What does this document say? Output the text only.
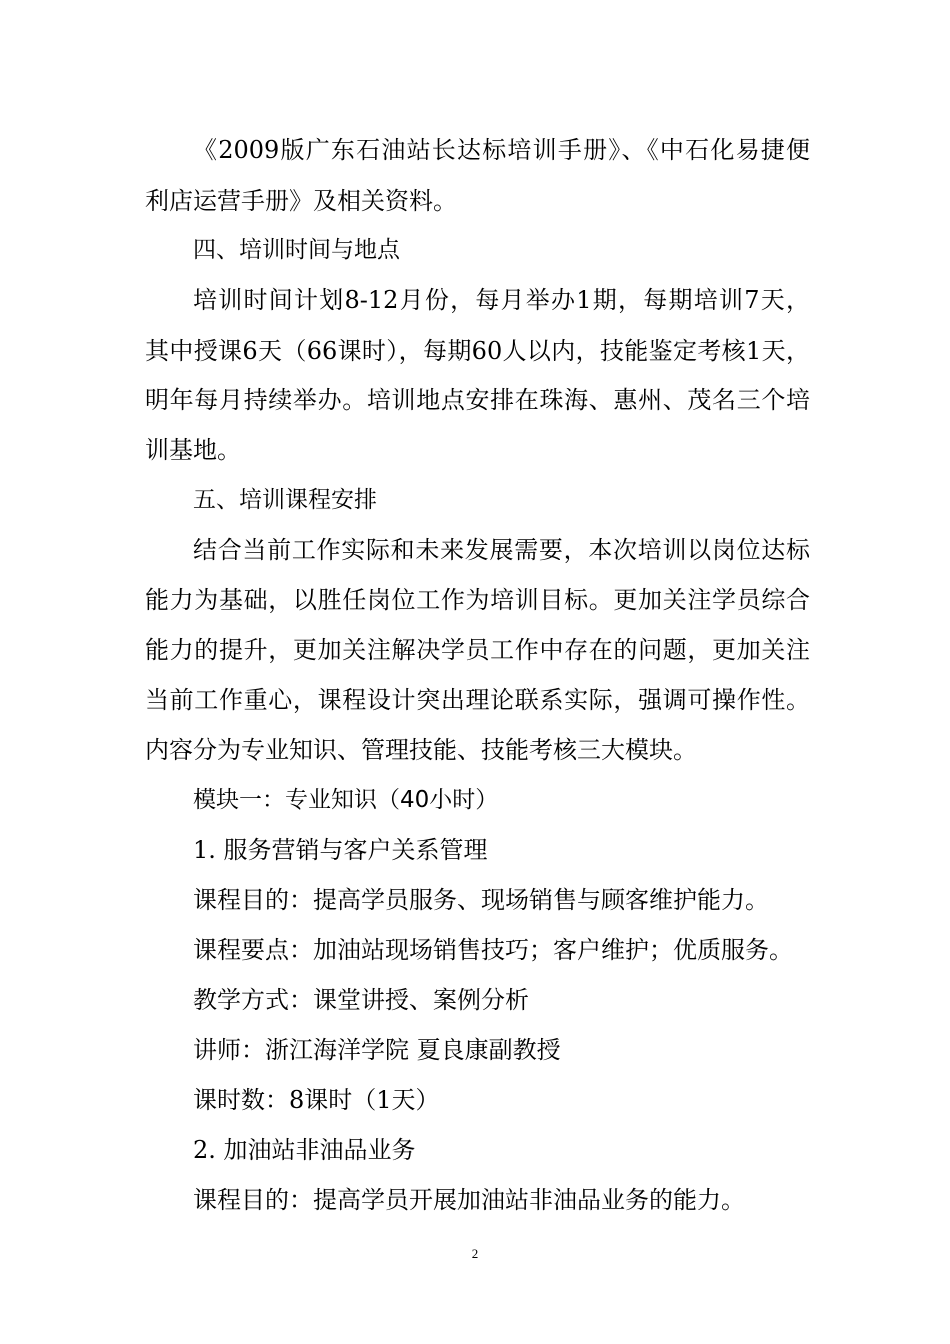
《2009版广东石油站长达标培训手册》、《中石化易捷便
利店运营手册》及相关资料。
四、培训时间与地点
培训时间计划8-12月份，每月举办1期，每期培训7天，
其中授课6天（66课时），每期60人以内，技能鉴定考核1天，
明年每月持续举办。培训地点安排在珠海、惠州、茂名三个培
训基地。
五、培训课程安排
结合当前工作实际和未来发展需要，本次培训以岗位达标
能力为基础，以胜任岗位工作为培训目标。更加关注学员综合
能力的提升，更加关注解决学员工作中存在的问题，更加关注
当前工作重心，课程设计突出理论联系实际，强调可操作性。
内容分为专业知识、管理技能、技能考核三大模块。
模块一：专业知识（40小时）
1. 服务营销与客户关系管理
课程目的：提高学员服务、现场销售与顾客维护能力。
课程要点：加油站现场销售技巧；客户维护；优质服务。
教学方式：课堂讲授、案例分析
讲师：浙江海洋学院 夏良康副教授
课时数：8课时（1天）
2. 加油站非油品业务
课程目的：提高学员开展加油站非油品业务的能力。
2
